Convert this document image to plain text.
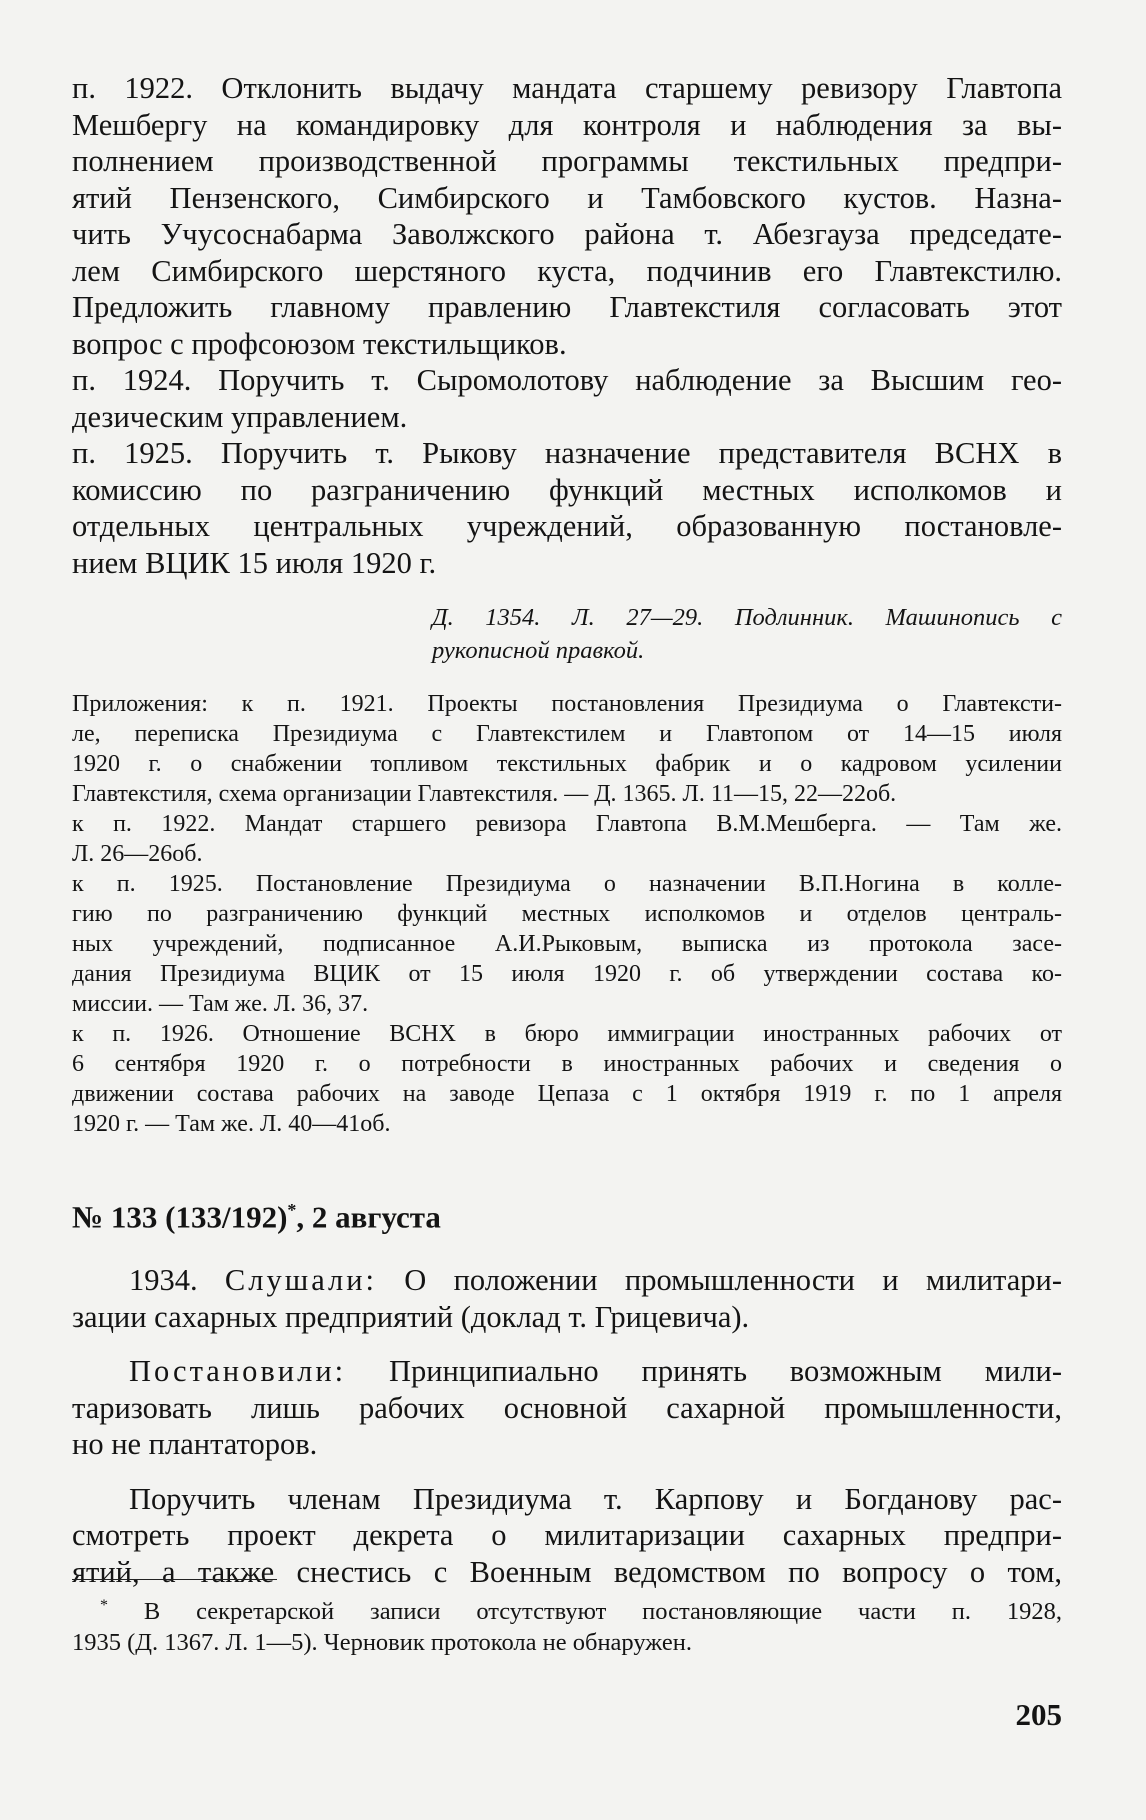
п. 1922. Отклонить выдачу мандата старшему ревизору Главтопа
Мешбергу на командировку для контроля и наблюдения за вы-
полнением производственной программы текстильных предпри-
ятий Пензенского, Симбирского и Тамбовского кустов. Назна-
чить Учусоснабарма Заволжского района т. Абезгауза председате-
лем Симбирского шерстяного куста, подчинив его Главтекстилю.
Предложить главному правлению Главтекстиля согласовать этот
вопрос с профсоюзом текстильщиков.

п. 1924. Поручить т. Сыромолотову наблюдение за Высшим гео-
дезическим управлением.

п. 1925. Поручить т. Рыкову назначение представителя ВСНХ в
комиссию по разграничению функций местных исполкомов и
отдельных центральных учреждений, образованную постановле-
нием ВЦИК 15 июля 1920 г.

Д. 1354. Л. 27—29. Подлинник. Машинопись с
рукописной правкой.

Приложения: к п. 1921. Проекты постановления Президиума о Главтексти-
ле, переписка Президиума с Главтекстилем и Главтопом от 14—15 июля
1920 г. о снабжении топливом текстильных фабрик и о кадровом усилении
Главтекстиля, схема организации Главтекстиля. — Д. 1365. Л. 11—15, 22—22об.

к п. 1922. Мандат старшего ревизора Главтопа В.М.Мешберга. — Там же.
Л. 26—26об.

к п. 1925. Постановление Президиума о назначении В.П.Ногина в колле-
гию по разграничению функций местных исполкомов и отделов централь-
ных учреждений, подписанное А.И.Рыковым, выписка из протокола засе-
дания Президиума ВЦИК от 15 июля 1920 г. об утверждении состава ко-
миссии. — Там же. Л. 36, 37.

к п. 1926. Отношение ВСНХ в бюро иммиграции иностранных рабочих от
6 сентября 1920 г. о потребности в иностранных рабочих и сведения о
движении состава рабочих на заводе Цепаза с 1 октября 1919 г. по 1 апреля
1920 г. — Там же. Л. 40—41об.

№ 133 (133/192)*, 2 августа

1934. Слушали: О положении промышленности и милитари-
зации сахарных предприятий (доклад т. Грицевича).

Постановили: Принципиально принять возможным мили-
таризовать лишь рабочих основной сахарной промышленности,
но не плантаторов.

Поручить членам Президиума т. Карпову и Богданову рас-
смотреть проект декрета о милитаризации сахарных предпри-
ятий, а также снестись с Военным ведомством по вопросу о том,

* В секретарской записи отсутствуют постановляющие части п. 1928,
1935 (Д. 1367. Л. 1—5). Черновик протокола не обнаружен.

205
